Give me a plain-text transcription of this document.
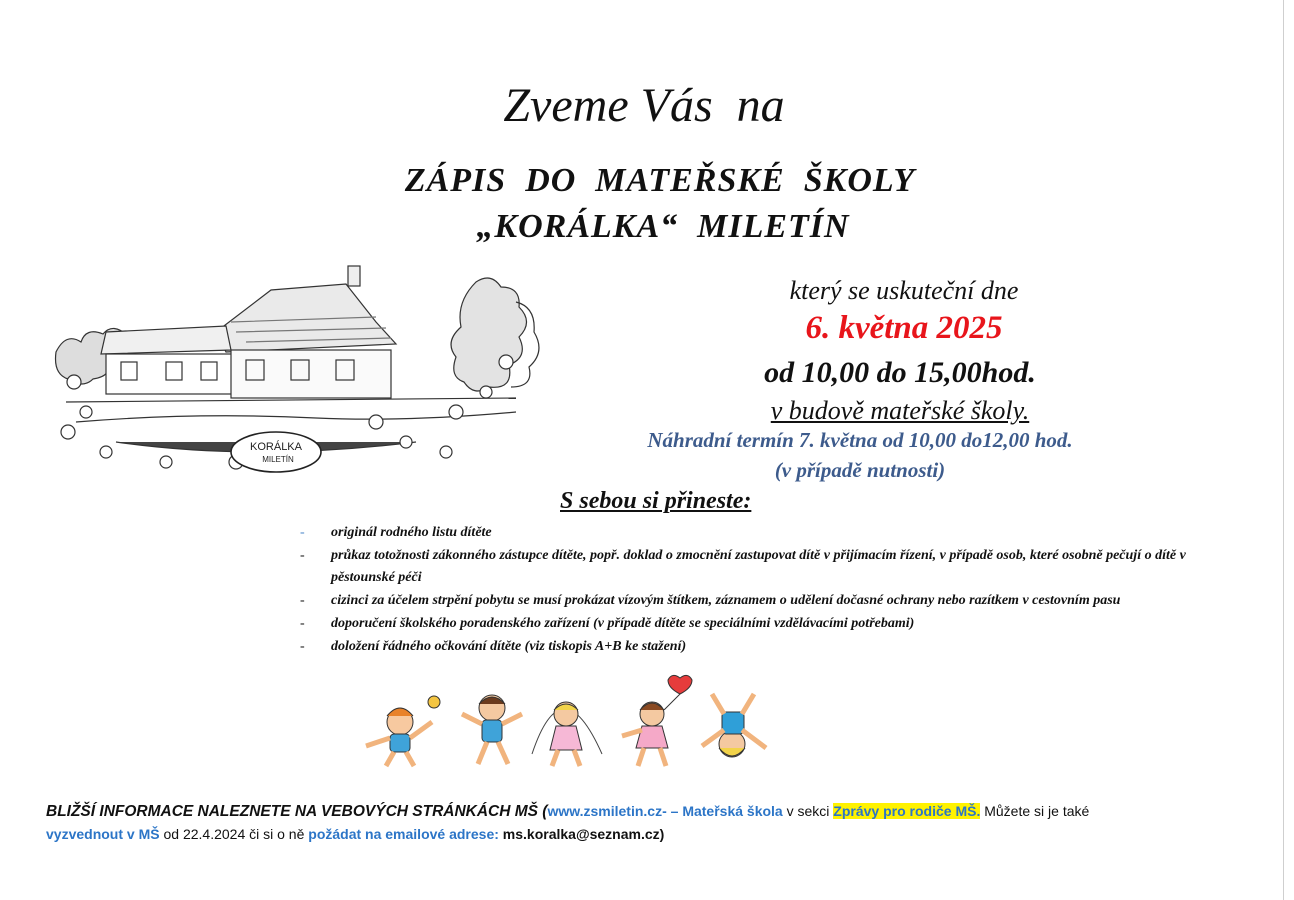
Zveme Vás  na
ZÁPIS  DO  MATEŘSKÉ  ŠKOLY
„KORÁLKA“  MILETÍN
KORÁLKA
MILETÍN
který se uskuteční dne
6. května 2025
od 10,00 do 15,00hod.
v budově mateřské školy.
Náhradní termín 7. května od 10,00 do12,00 hod.
(v případě nutnosti)
S sebou si přineste:
- originál rodného listu dítěte
- průkaz totožnosti zákonného zástupce dítěte, popř. doklad o zmocnění zastupovat dítě v přijímacím řízení, v případě osob, které osobně pečují o dítě v pěstounské péči
- cizinci za účelem strpění pobytu se musí prokázat vízovým štítkem, záznamem o udělení dočasné ochrany nebo razítkem v cestovním pasu
- doporučení školského poradenského zařízení (v případě dítěte se speciálními vzdělávacími potřebami)
- doložení řádného očkování dítěte (viz tiskopis A+B ke stažení)
BLIŽŠÍ INFORMACE NALEZNETE NA VEBOVÝCH STRÁNKÁCH MŠ (www.zsmiletin.cz- – Mateřská škola v sekci Zprávy pro rodiče MŠ. Můžete si je také
vyzvednout v MŠ od 22.4.2024 či si o ně požádat na emailové adrese: ms.koralka@seznam.cz)
